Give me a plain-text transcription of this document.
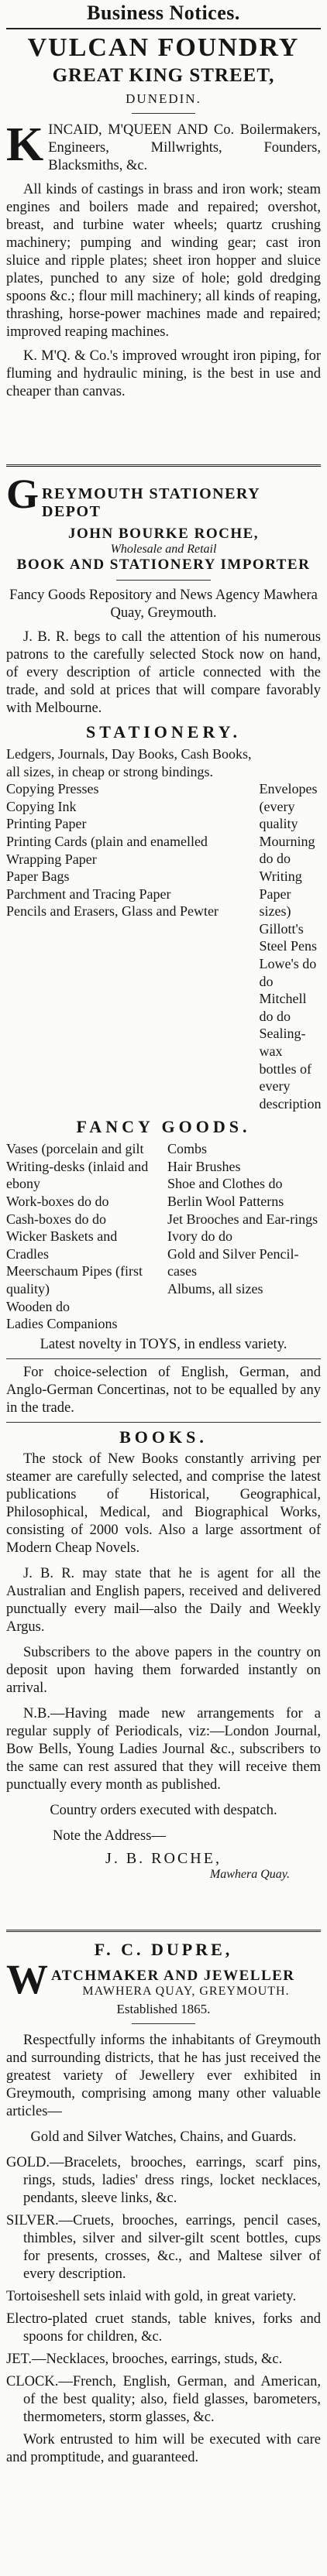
Business Notices.
VULCAN FOUNDRY
GREAT KING STREET,
DUNEDIN.
K INCAID, M'QUEEN AND Co. Boilermakers, Engineers, Millwrights, Founders, Blacksmiths, &c.

All kinds of castings in brass and iron work; steam engines and boilers made and repaired; overshot, breast, and turbine water wheels; quartz crushing machinery; pumping and winding gear; cast iron sluice and ripple plates; sheet iron hopper and sluice plates, punched to any size of hole; gold dredging spoons &c.; flour mill machinery; all kinds of reaping, thrashing, horse-power machines made and repaired; improved reaping machines.

K. M'Q. & Co.'s improved wrought iron piping, for fluming and hydraulic mining, is the best in use and cheaper than canvas.

G REYMOUTH STATIONERY DEPOT
JOHN BOURKE ROCHE,
Wholesale and Retail
BOOK AND STATIONERY IMPORTER

Fancy Goods Repository and News Agency Mawhera Quay, Greymouth.

J. B. R. begs to call the attention of his numerous patrons to the carefully selected Stock now on hand, of every description of article connected with the trade, and sold at prices that will compare favorably with Melbourne.

STATIONERY.
Ledgers, Journals, Day Books, Cash Books,
all sizes, in cheap or strong bindings.
Copying Presses
Copying Ink
Printing Paper
Printing Cards (plain and enamelled
Wrapping Paper
Paper Bags
Parchment and Tracing Paper
Pencils and Erasers, Glass and Pewter
Envelopes (every quality
Mourning do do
Writing Paper sizes)
Gillott's Steel Pens
Lowe's do do
Mitchell do do
Sealing-wax
bottles of every description
FANCY GOODS.
Vases (porcelain and gilt
Writing-desks (inlaid and ebony
Work-boxes do do
Cash-boxes do do
Wicker Baskets and Cradles
Meerschaum Pipes (first quality)
Wooden do
Ladies Companions
Combs
Hair Brushes
Shoe and Clothes do
Berlin Wool Patterns
Jet Brooches and Ear-rings
Ivory do do
Gold and Silver Pencil-cases
Albums, all sizes

Latest novelty in TOYS, in endless variety.

For choice-selection of English, German, and Anglo-German Concertinas, not to be equalled by any in the trade.

BOOKS.

The stock of New Books constantly arriving per steamer are carefully selected, and comprise the latest publications of Historical, Geographical, Philosophical, Medical, and Biographical Works, consisting of 2000 vols. Also a large assortment of Modern Cheap Novels.

J. B. R. may state that he is agent for all the Australian and English papers, received and delivered punctually every mail—also the Daily and Weekly Argus.

Subscribers to the above papers in the country on deposit upon having them forwarded instantly on arrival.

N.B.—Having made new arrangements for a regular supply of Periodicals, viz:—London Journal, Bow Bells, Young Ladies Journal &c., subscribers to the same can rest assured that they will receive them punctually every month as published.

Country orders executed with despatch.

Note the Address—

J. B. ROCHE,
Mawhera Quay.
F. C. DUPRE,
W ATCHMAKER AND JEWELLER
MAWHERA QUAY, GREYMOUTH.
Established 1865.

Respectfully informs the inhabitants of Greymouth and surrounding districts, that he has just received the greatest variety of Jewellery ever exhibited in Greymouth, comprising among many other valuable articles—

Gold and Silver Watches, Chains, and Guards.

GOLD.—Bracelets, brooches, earrings, scarf pins, rings, studs, ladies' dress rings, locket necklaces, pendants, sleeve links, &c.

SILVER.—Cruets, brooches, earrings, pencil cases, thimbles, silver and silver-gilt scent bottles, cups for presents, crosses, &c., and Maltese silver of every description.

Tortoiseshell sets inlaid with gold, in great variety.

Electro-plated cruet stands, table knives, forks and spoons for children, &c.

JET.—Necklaces, brooches, earrings, studs, &c.

CLOCK.—French, English, German, and American, of the best quality; also, field glasses, barometers, thermometers, storm glasses, &c.

Work entrusted to him will be executed with care and promptitude, and guaranteed.
